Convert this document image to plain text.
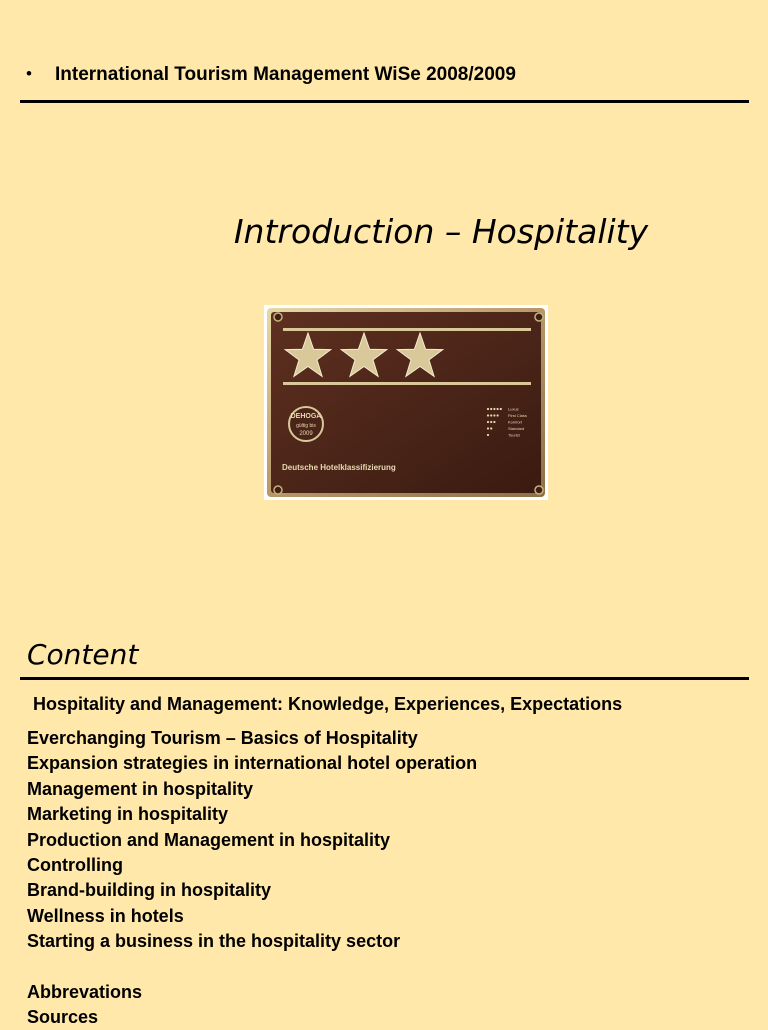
• International Tourism Management WiSe 2008/2009
Introduction – Hospitality
DEHOGA
gültig bis
2009
Luxus
First Class
Komfort
Standard
Tourist
Deutsche Hotelklassifizierung
Content
Hospitality and Management: Knowledge, Experiences, Expectations
Everchanging Tourism – Basics of Hospitality
Expansion strategies in international hotel operation
Management in hospitality
Marketing in hospitality
Production and Management in hospitality
Controlling
Brand-building in hospitality
Wellness in hotels
Starting a business in the hospitality sector
Abbrevations
Sources
